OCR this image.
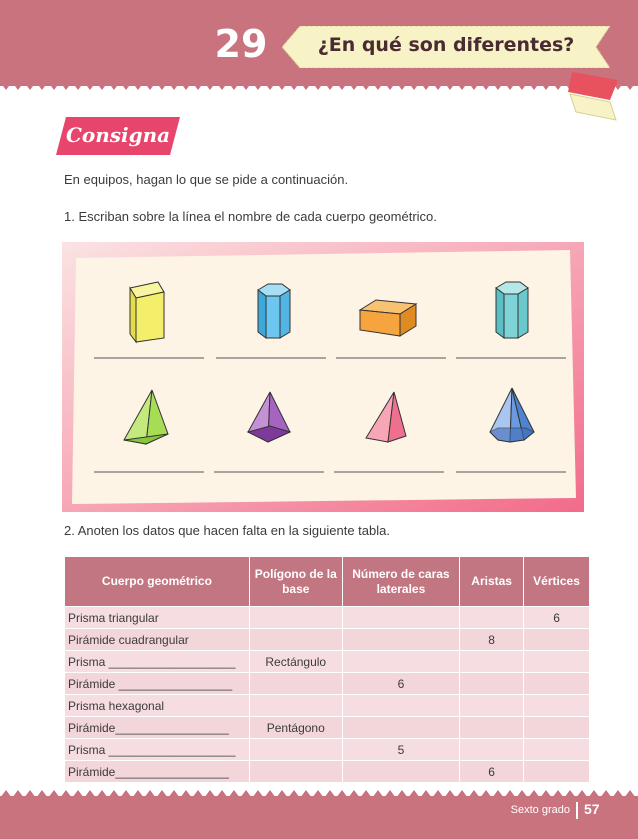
29	¿En qué son diferentes?
Consigna
En equipos, hagan lo que se pide a continuación.
1. Escriban sobre la línea el nombre de cada cuerpo geométrico.
2. Anoten los datos que hacen falta en la siguiente tabla.
Cuerpo geométrico	Polígono de la base	Número de caras laterales	Aristas	Vértices
Prisma triangular				6
Pirámide cuadrangular			8	
Prisma ___________________	Rectángulo			
Pirámide _________________		6		
Prisma hexagonal				
Pirámide_________________	Pentágono			
Prisma ___________________		5		
Pirámide_________________			6	
Sexto grado 57
